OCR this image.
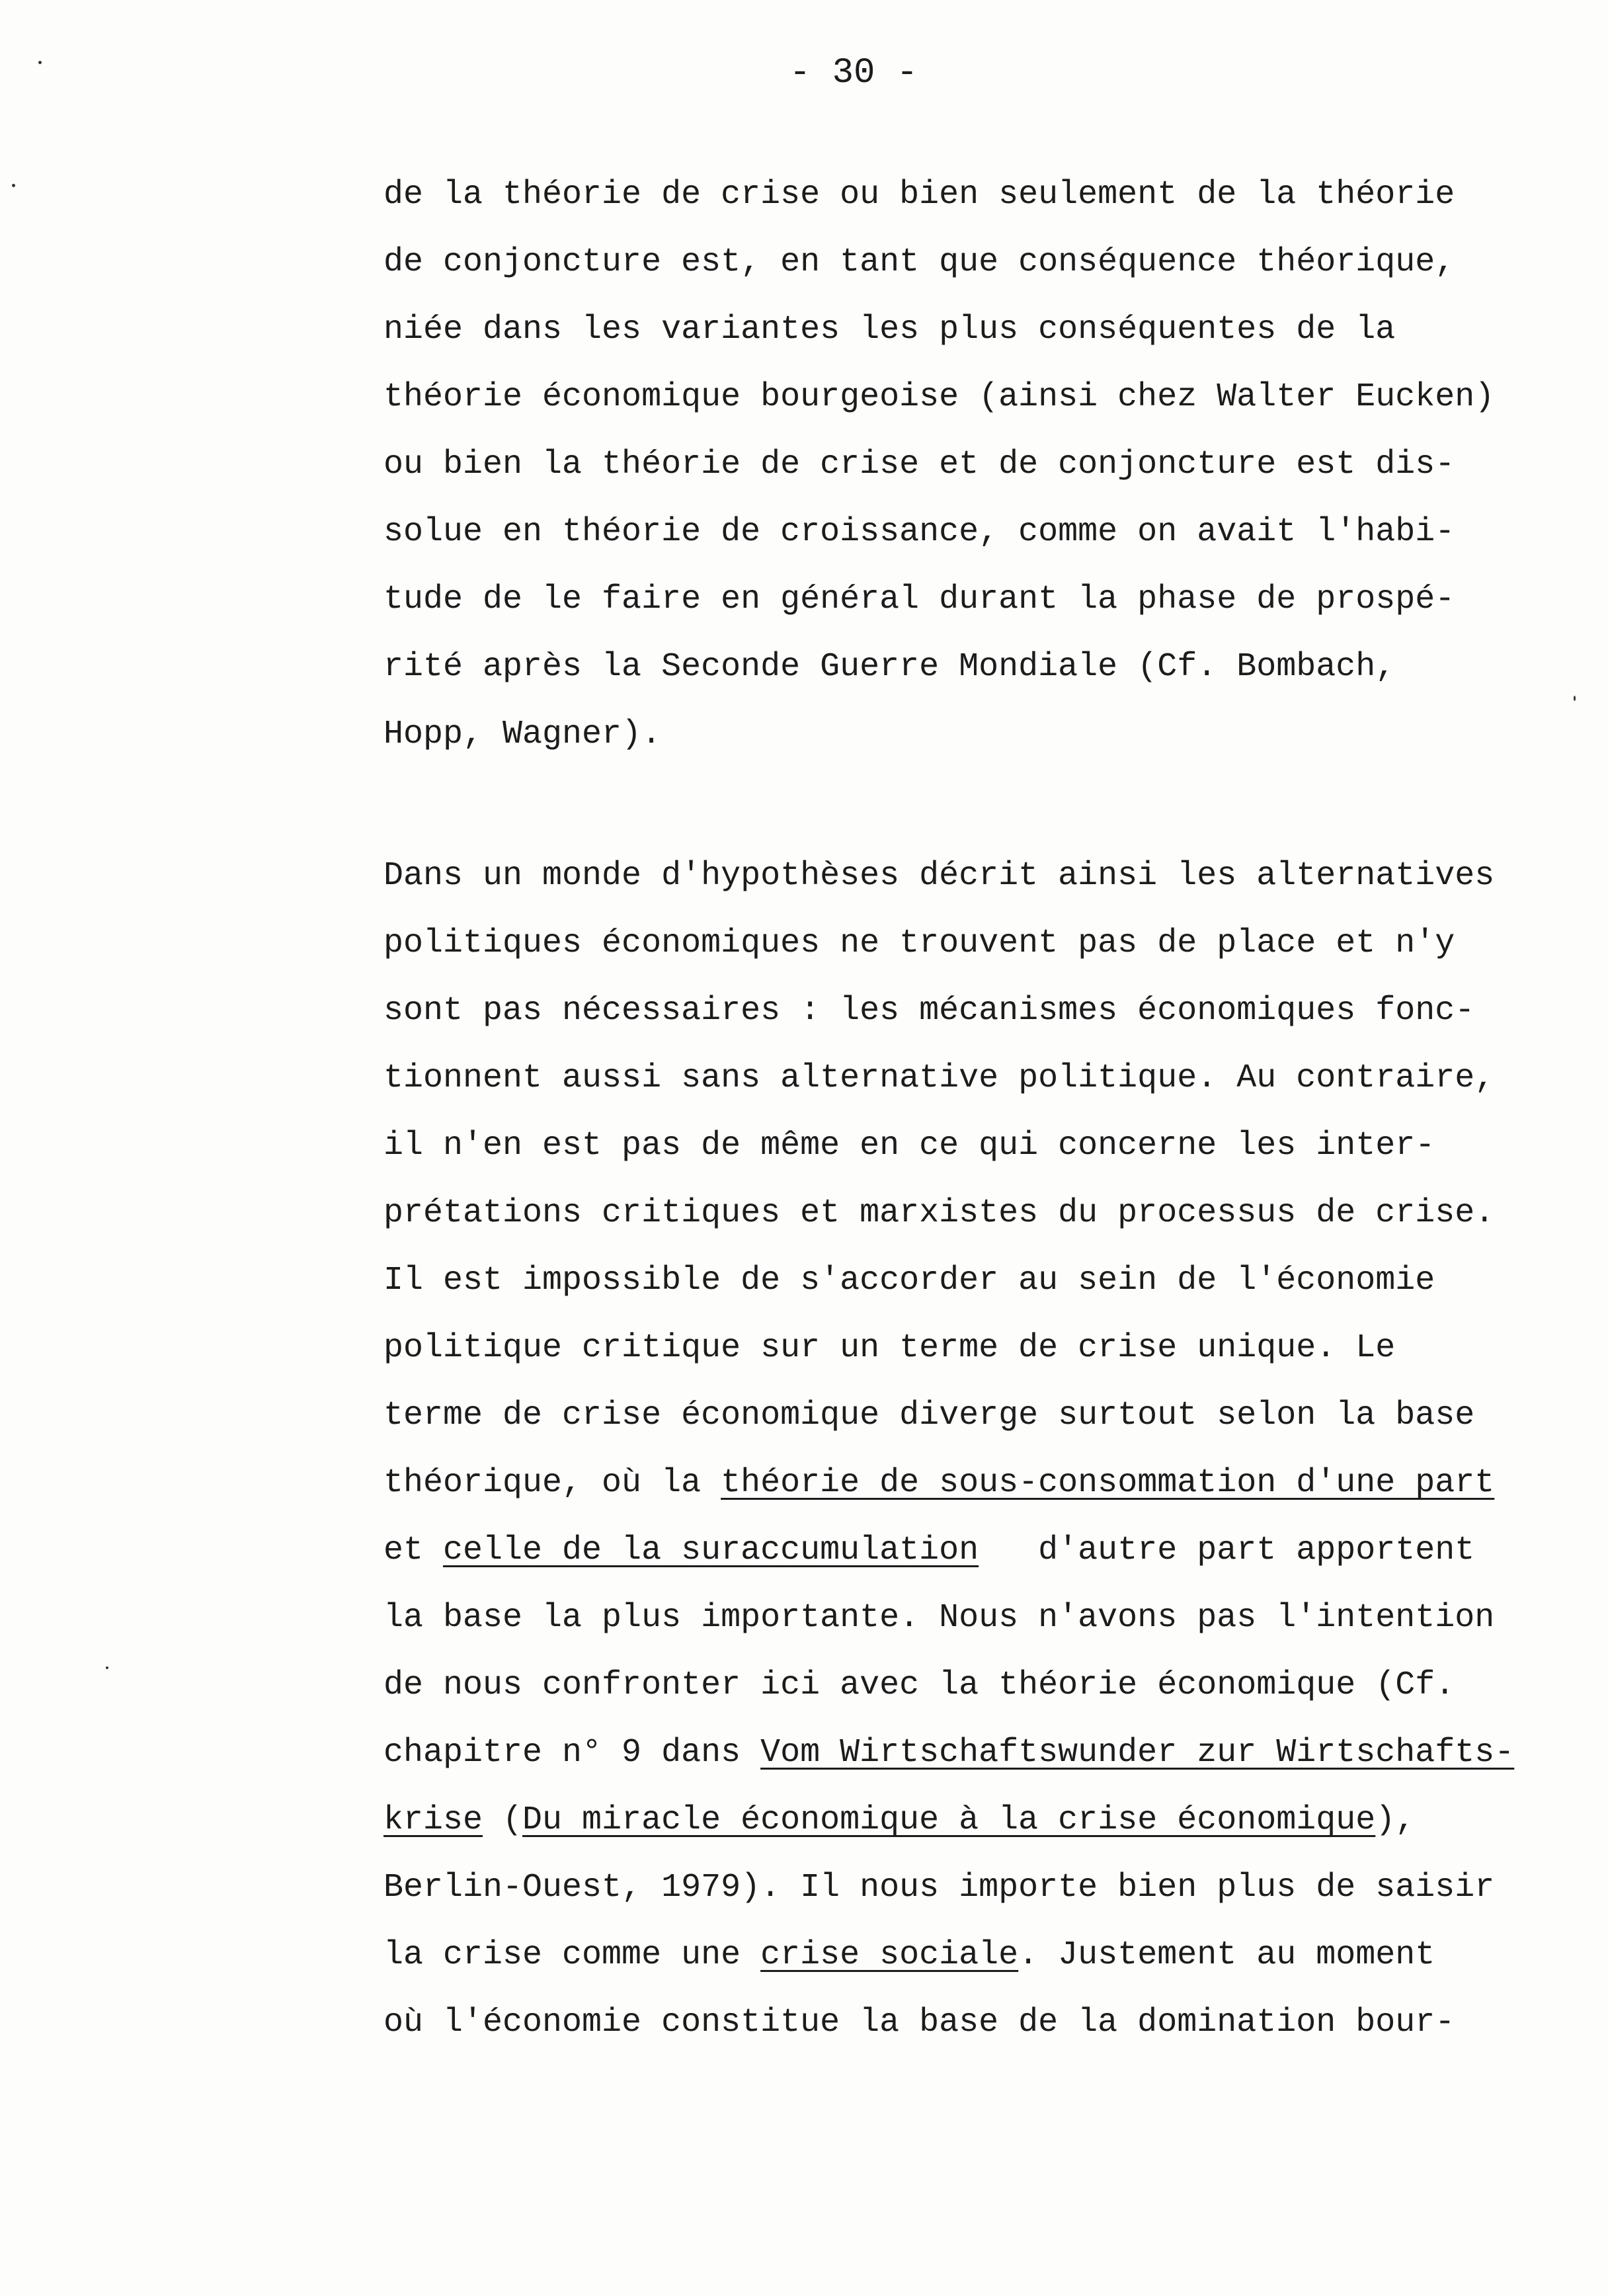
- 30 -
de la théorie de crise ou bien seulement de la théorie
de conjoncture est, en tant que conséquence théorique,
niée dans les variantes les plus conséquentes de la
théorie économique bourgeoise (ainsi chez Walter Eucken)
ou bien la théorie de crise et de conjoncture est dis-
solue en théorie de croissance, comme on avait l'habi-
tude de le faire en général durant la phase de prospé-
rité après la Seconde Guerre Mondiale (Cf. Bombach,
Hopp, Wagner).
Dans un monde d'hypothèses décrit ainsi les alternatives
politiques économiques ne trouvent pas de place et n'y
sont pas nécessaires : les mécanismes économiques fonc-
tionnent aussi sans alternative politique. Au contraire,
il n'en est pas de même en ce qui concerne les inter-
prétations critiques et marxistes du processus de crise.
Il est impossible de s'accorder au sein de l'économie
politique critique sur un terme de crise unique. Le
terme de crise économique diverge surtout selon la base
théorique, où la théorie de sous-consommation d'une part
et celle de la suraccumulation   d'autre part apportent
la base la plus importante. Nous n'avons pas l'intention
de nous confronter ici avec la théorie économique (Cf.
chapitre n° 9 dans Vom Wirtschaftswunder zur Wirtschafts-
krise (Du miracle économique à la crise économique),
Berlin-Ouest, 1979). Il nous importe bien plus de saisir
la crise comme une crise sociale. Justement au moment
où l'économie constitue la base de la domination bour-
